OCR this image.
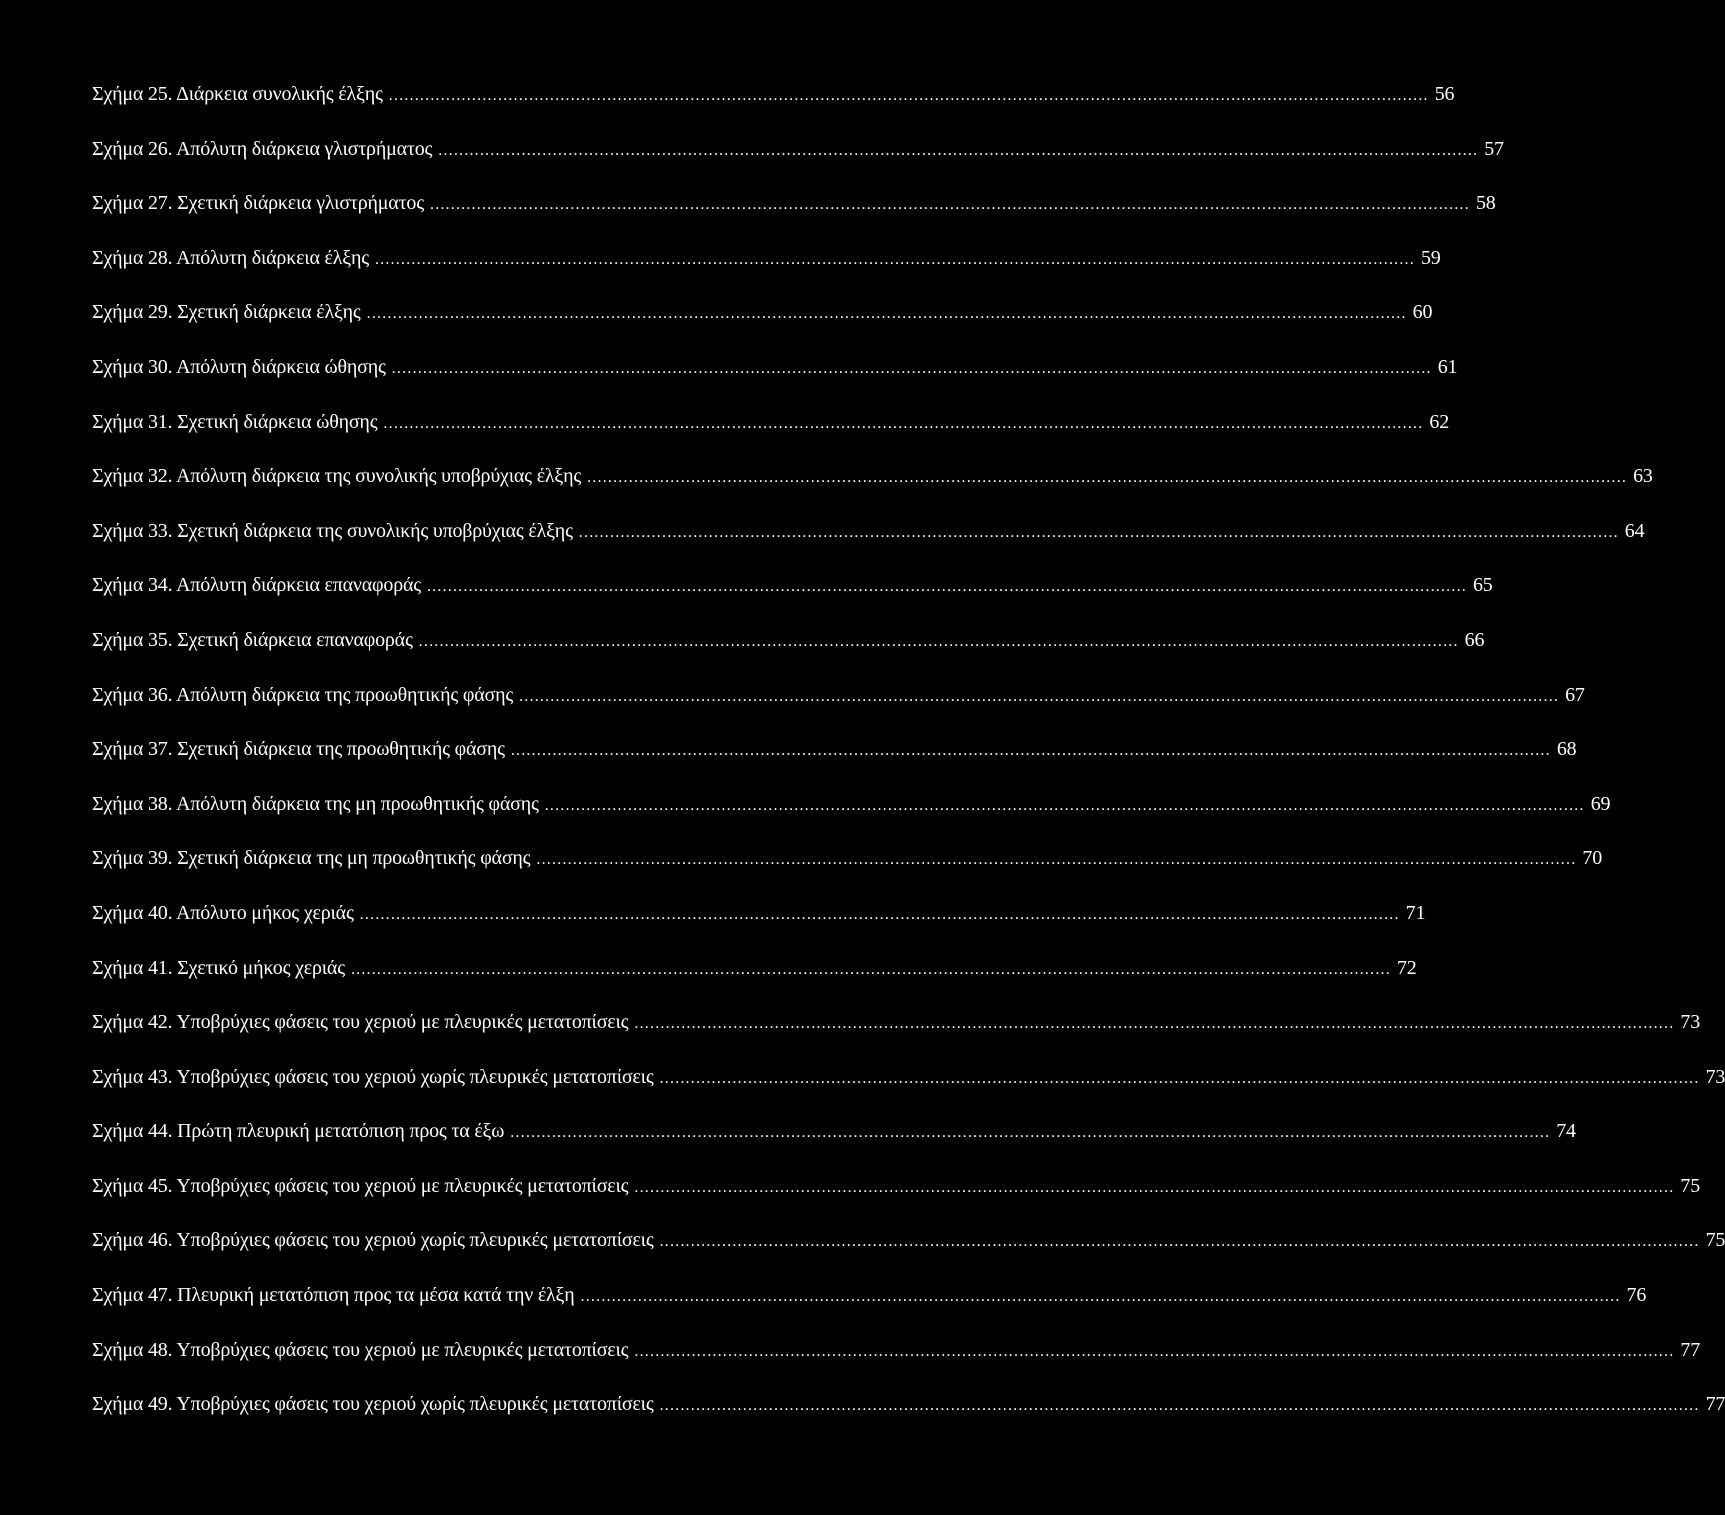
Σχήμα 25. Διάρκεια συνολικής έλξης ........................................................................................................................................................................................................ 56
Σχήμα 26. Απόλυτη διάρκεια γλιστρήματος ........................................................................................................................................................................................................ 57
Σχήμα 27. Σχετική διάρκεια γλιστρήματος ........................................................................................................................................................................................................ 58
Σχήμα 28. Απόλυτη διάρκεια έλξης ........................................................................................................................................................................................................ 59
Σχήμα 29. Σχετική διάρκεια έλξης ........................................................................................................................................................................................................ 60
Σχήμα 30. Απόλυτη διάρκεια ώθησης ........................................................................................................................................................................................................ 61
Σχήμα 31. Σχετική διάρκεια ώθησης ........................................................................................................................................................................................................ 62
Σχήμα 32. Απόλυτη διάρκεια της συνολικής υποβρύχιας έλξης ........................................................................................................................................................................................................ 63
Σχήμα 33. Σχετική διάρκεια της συνολικής υποβρύχιας έλξης ........................................................................................................................................................................................................ 64
Σχήμα 34. Απόλυτη διάρκεια επαναφοράς ........................................................................................................................................................................................................ 65
Σχήμα 35. Σχετική διάρκεια επαναφοράς ........................................................................................................................................................................................................ 66
Σχήμα 36. Απόλυτη διάρκεια της προωθητικής φάσης ........................................................................................................................................................................................................ 67
Σχήμα 37. Σχετική διάρκεια της προωθητικής φάσης ........................................................................................................................................................................................................ 68
Σχήμα 38. Απόλυτη διάρκεια της μη προωθητικής φάσης ........................................................................................................................................................................................................ 69
Σχήμα 39. Σχετική διάρκεια της μη προωθητικής φάσης ........................................................................................................................................................................................................ 70
Σχήμα 40. Απόλυτο μήκος χεριάς ........................................................................................................................................................................................................ 71
Σχήμα 41. Σχετικό μήκος χεριάς ........................................................................................................................................................................................................ 72
Σχήμα 42. Υποβρύχιες φάσεις του χεριού με πλευρικές μετατοπίσεις ........................................................................................................................................................................................................ 73
Σχήμα 43. Υποβρύχιες φάσεις του χεριού χωρίς πλευρικές μετατοπίσεις ........................................................................................................................................................................................................ 73
Σχήμα 44. Πρώτη πλευρική μετατόπιση προς τα έξω ........................................................................................................................................................................................................ 74
Σχήμα 45. Υποβρύχιες φάσεις του χεριού με πλευρικές μετατοπίσεις ........................................................................................................................................................................................................ 75
Σχήμα 46. Υποβρύχιες φάσεις του χεριού χωρίς πλευρικές μετατοπίσεις ........................................................................................................................................................................................................ 75
Σχήμα 47. Πλευρική μετατόπιση προς τα μέσα κατά την έλξη ........................................................................................................................................................................................................ 76
Σχήμα 48. Υποβρύχιες φάσεις του χεριού με πλευρικές μετατοπίσεις ........................................................................................................................................................................................................ 77
Σχήμα 49. Υποβρύχιες φάσεις του χεριού χωρίς πλευρικές μετατοπίσεις ........................................................................................................................................................................................................ 77
